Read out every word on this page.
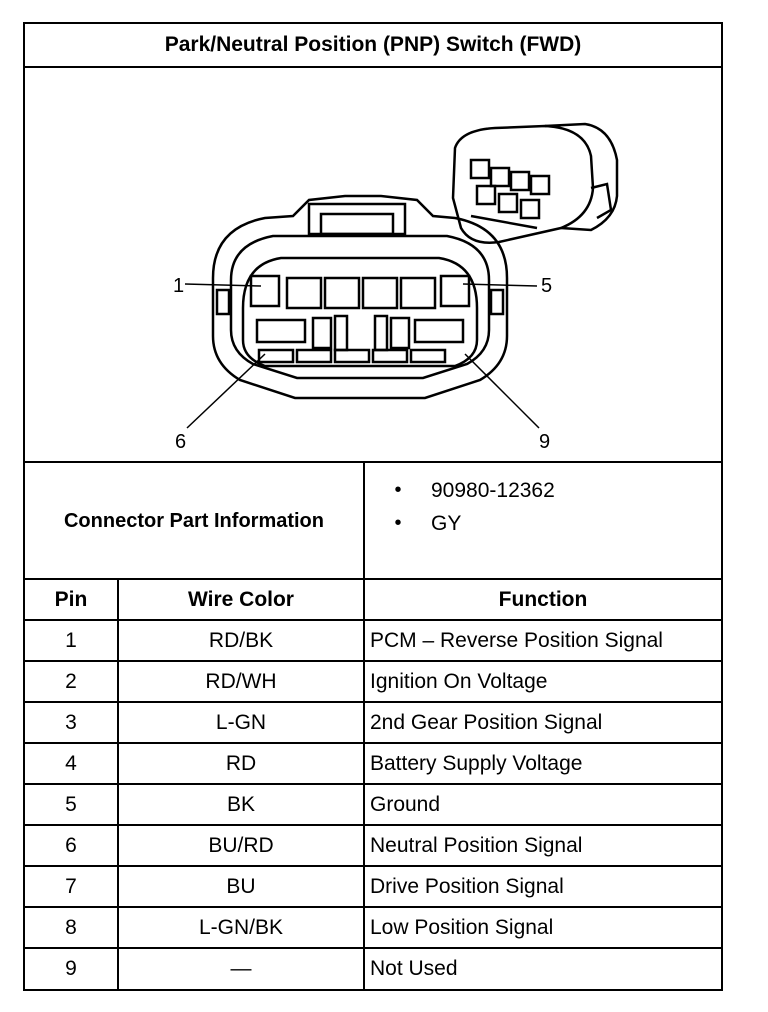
Park/Neutral Position (PNP) Switch (FWD)
1	5
6	9
Connector Part Information
•	90980-12362
•	GY
Pin	Wire Color	Function
1	RD/BK	PCM – Reverse Position Signal
2	RD/WH	Ignition On Voltage
3	L-GN	2nd Gear Position Signal
4	RD	Battery Supply Voltage
5	BK	Ground
6	BU/RD	Neutral Position Signal
7	BU	Drive Position Signal
8	L-GN/BK	Low Position Signal
9	—	Not Used
